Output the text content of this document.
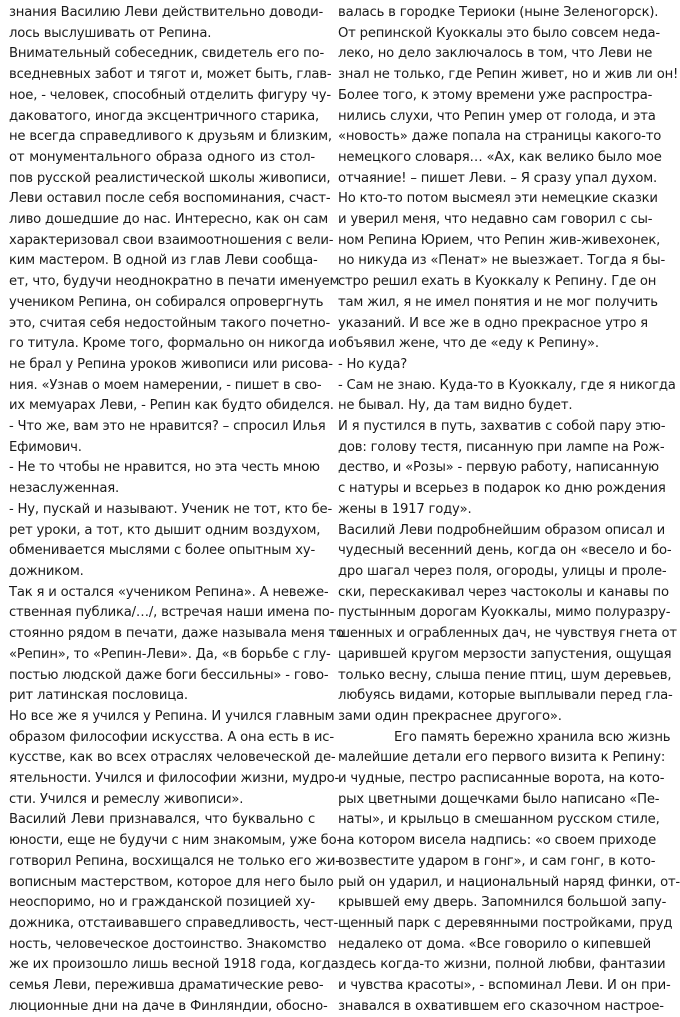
знания Василию Леви действительно доводи-
лось выслушивать от Репина.
Внимательный собеседник, свидетель его по-
вседневных забот и тягот и, может быть, глав-
ное, - человек, способный отделить фигуру чу-
даковатого, иногда эксцентричного старика,
не всегда справедливого к друзьям и близким,
от монументального образа одного из стол-
пов русской реалистической школы живописи,
Леви оставил после себя воспоминания, счаст-
ливо дошедшие до нас. Интересно, как он сам
характеризовал свои взаимоотношения с вели-
ким мастером. В одной из глав Леви сообща-
ет, что, будучи неоднократно в печати именуем
учеником Репина, он собирался опровергнуть
это, считая себя недостойным такого почетно-
го титула. Кроме того, формально он никогда и
не брал у Репина уроков живописи или рисова-
ния. «Узнав о моем намерении, - пишет в сво-
их мемуарах Леви, - Репин как будто обиделся.
- Что же, вам это не нравится? – спросил Илья
Ефимович.
- Не то чтобы не нравится, но эта честь мною
незаслуженная.
- Ну, пускай и называют. Ученик не тот, кто бе-
рет уроки, а тот, кто дышит одним воздухом,
обменивается мыслями с более опытным ху-
дожником.
Так я и остался «учеником Репина». А невеже-
ственная публика/…/, встречая наши имена по-
стоянно рядом в печати, даже называла меня то
«Репин», то «Репин-Леви». Да, «в борьбе с глу-
постью людской даже боги бессильны» - гово-
рит латинская пословица.
Но все же я учился у Репина. И учился главным
образом философии искусства. А она есть в ис-
кусстве, как во всех отраслях человеческой де-
ятельности. Учился и философии жизни, мудро-
сти. Учился и ремеслу живописи».
Василий Леви признавался, что буквально с
юности, еще не будучи с ним знакомым, уже бо-
готворил Репина, восхищался не только его жи-
вописным мастерством, которое для него было
неоспоримо, но и гражданской позицией ху-
дожника, отстаивавшего справедливость, чест-
ность, человеческое достоинство. Знакомство
же их произошло лишь весной 1918 года, когда
семья Леви, переживша драматические рево-
люционные дни на даче в Финляндии, обосно-
валась в городке Териоки (ныне Зеленогорск).
От репинской Куоккалы это было совсем неда-
леко, но дело заключалось в том, что Леви не
знал не только, где Репин живет, но и жив ли он!
Более того, к этому времени уже распростра-
нились слухи, что Репин умер от голода, и эта
«новость» даже попала на страницы какого-то
немецкого словаря… «Ах, как велико было мое
отчаяние! – пишет Леви. – Я сразу упал духом.
Но кто-то потом высмеял эти немецкие сказки
и уверил меня, что недавно сам говорил с сы-
ном Репина Юрием, что Репин жив-живехонек,
но никуда из «Пенат» не выезжает. Тогда я бы-
стро решил ехать в Куоккалу к Репину. Где он
там жил, я не имел понятия и не мог получить
указаний. И все же в одно прекрасное утро я
объявил жене, что де «еду к Репину».
- Но куда?
- Сам не знаю. Куда-то в Куоккалу, где я никогда
не бывал. Ну, да там видно будет.
И я пустился в путь, захватив с собой пару этю-
дов: голову тестя, писанную при лампе на Рож-
дество, и «Розы» - первую работу, написанную
с натуры и всерьез в подарок ко дню рождения
жены в 1917 году».
Василий Леви подробнейшим образом описал и
чудесный весенний день, когда он «весело и бо-
дро шагал через поля, огороды, улицы и проле-
ски, перескакивал через частоколы и канавы по
пустынным дорогам Куоккалы, мимо полуразру-
шенных и ограбленных дач, не чувствуя гнета от
царившей кругом мерзости запустения, ощущая
только весну, слыша пение птиц, шум деревьев,
любуясь видами, которые выплывали перед гла-
зами один прекраснее другого».
Его память бережно хранила всю жизнь
малейшие детали его первого визита к Репину:
и чудные, пестро расписанные ворота, на кото-
рых цветными дощечками было написано «Пе-
наты», и крыльцо в смешанном русском стиле,
на котором висела надпись: «о своем приходе
возвестите ударом в гонг», и сам гонг, в кото-
рый он ударил, и национальный наряд финки, от-
крывшей ему дверь. Запомнился большой запу-
щенный парк с деревянными постройками, пруд
недалеко от дома. «Все говорило о кипевшей
здесь когда-то жизни, полной любви, фантазии
и чувства красоты», - вспоминал Леви. И он при-
знавался в охватившем его сказочном настрое-
